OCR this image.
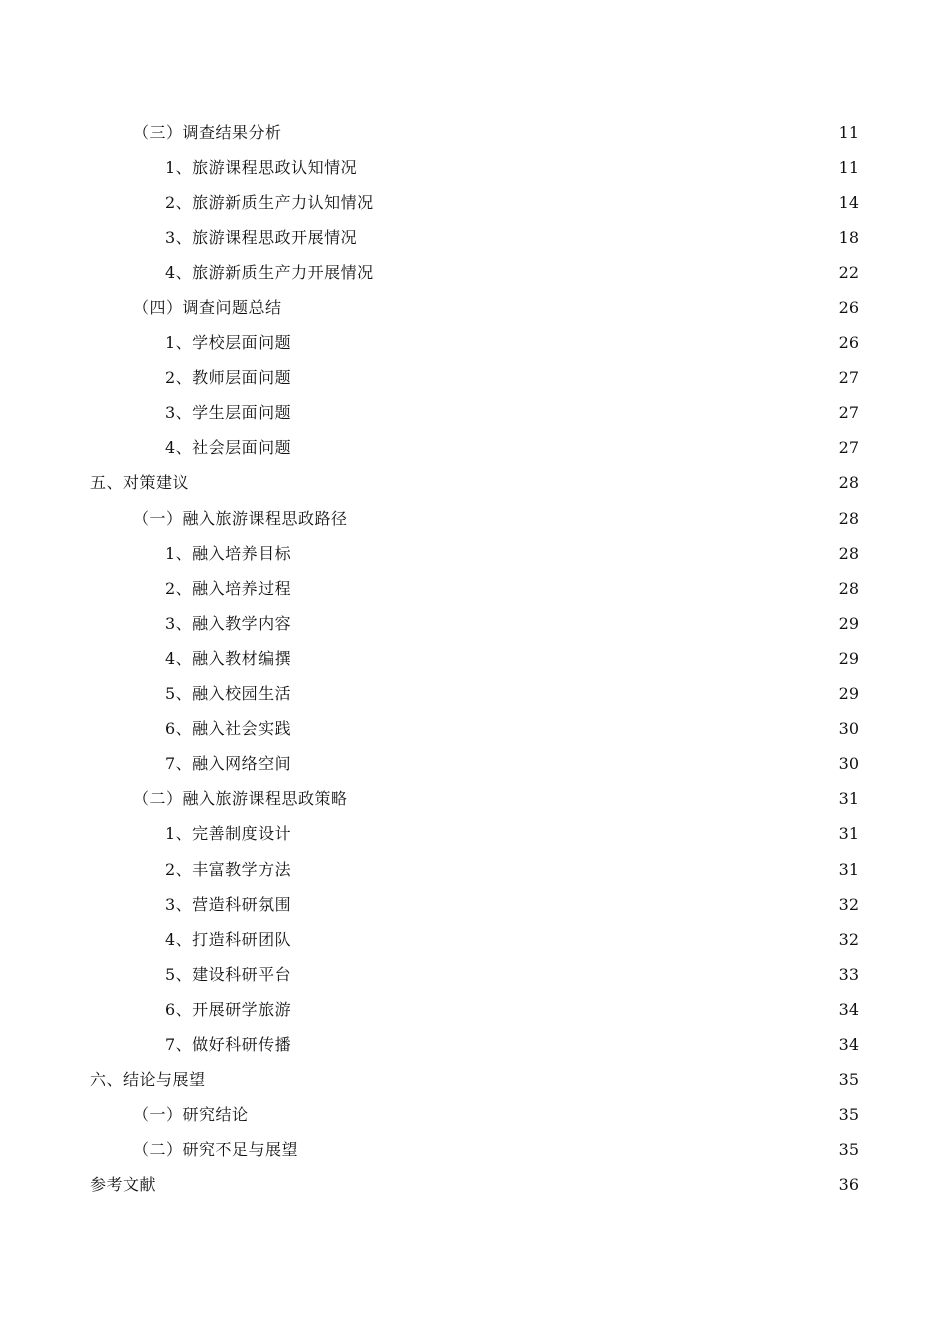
（三）调查结果分析	11
1、旅游课程思政认知情况	11
2、旅游新质生产力认知情况	14
3、旅游课程思政开展情况	18
4、旅游新质生产力开展情况	22
（四）调查问题总结	26
1、学校层面问题	26
2、教师层面问题	27
3、学生层面问题	27
4、社会层面问题	27
五、对策建议	28
（一）融入旅游课程思政路径	28
1、融入培养目标	28
2、融入培养过程	28
3、融入教学内容	29
4、融入教材编撰	29
5、融入校园生活	29
6、融入社会实践	30
7、融入网络空间	30
（二）融入旅游课程思政策略	31
1、完善制度设计	31
2、丰富教学方法	31
3、营造科研氛围	32
4、打造科研团队	32
5、建设科研平台	33
6、开展研学旅游	34
7、做好科研传播	34
六、结论与展望	35
（一）研究结论	35
（二）研究不足与展望	35
参考文献	36
